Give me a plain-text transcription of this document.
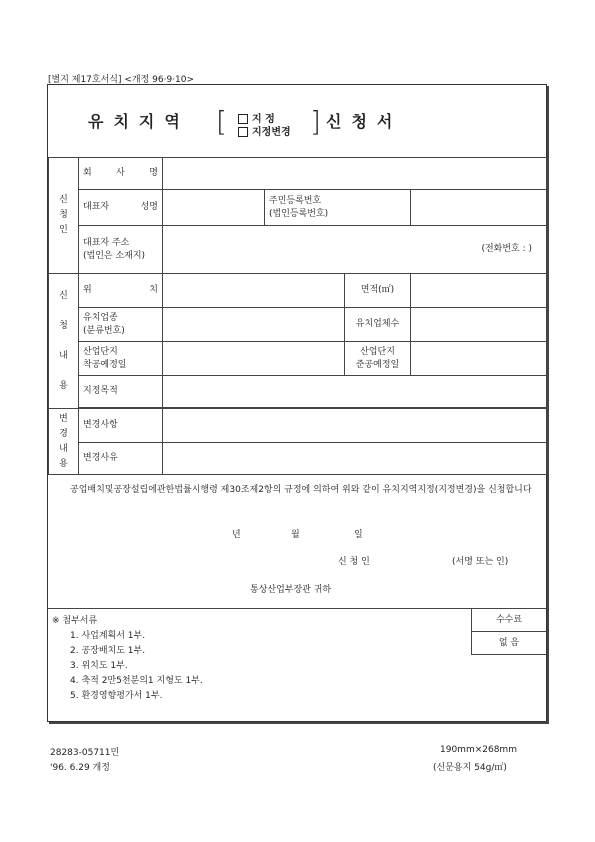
[별지 제17호서식] <개정 96·9·10>
유치지역 [	지 정
지정변경 ] 신청서
신청인	회 사 명				
	대표자 성명		주민등록번호
(법인등록번호)		
	대표자 주소
(법인은 소재지)	(전화번호 : )			
신청내용	위 치			면적(㎡)	
	유치업종
(분류번호)			유치업체수	
	산업단지
착공예정일			산업단지
준공예정일	
	지정목적				

변경내용	변경사항				
	변경사유				
공업배치및공장설립에관한법률시행령 제30조제2항의 규정에 의하여 위와 같이 유치지역지정(지정변경)을 신청합니다
년	월	일
신 청 인	(서명 또는 인)
통상산업부장관 귀하
※ 첨부서류
1. 사업계획서 1부.
2. 공장배치도 1부.
3. 위치도 1부.
4. 축적 2만5천분의1 지형도 1부.
5. 환경영향평가서 1부.
수수료
없 음
28283-05711민
'96. 6.29 개정
190mm×268mm
(신문용지 54g/㎡)
